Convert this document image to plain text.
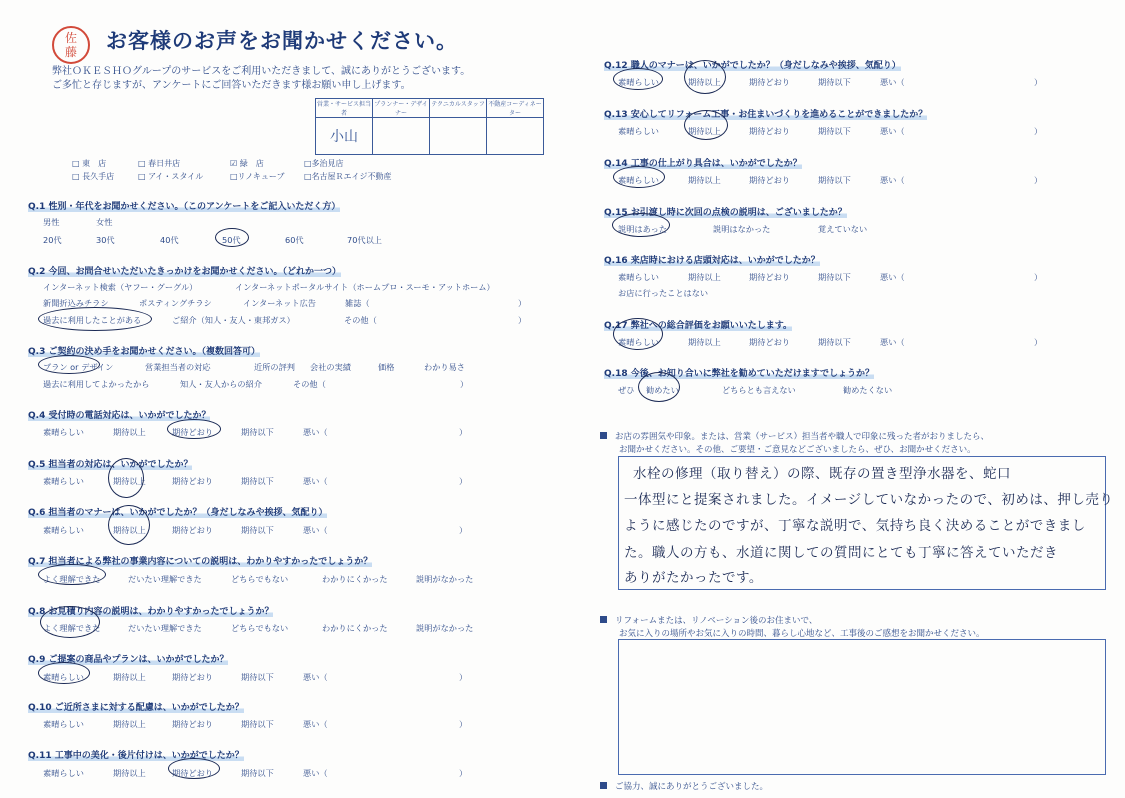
佐藤 お客様のお声をお聞かせください。
弊社ＯＫＥＳＨＯグループのサービスをご利用いただきまして、誠にありがとうございます。
ご多忙と存じますが、アンケートにご回答いただきます様お願い申し上げます。
営業・サービス担当者	プランナー・デザイナー	テクニカルスタッフ	不動産コーディネーター
小山			
□ 東　店	□ 春日井店	☑ 緑　店	□多治見店
□ 長久手店	□ アイ・スタイル	□リノキューブ □名古屋Ｒエイジ不動産
Q.1 性別・年代をお聞かせください。（このアンケートをご記入いただく方）
男性	女性
20代	30代	40代	50代	60代	70代以上
Q.2 今回、お問合せいただいたきっかけをお聞かせください。（どれか一つ）
インターネット検索（ヤフー・グーグル）	インターネットポータルサイト（ホームプロ・スーモ・アットホーム）
新聞折込みチラシ	ポスティングチラシ	インターネット広告	雑誌（	）
過去に利用したことがある	ご紹介（知人・友人・東邦ガス）	その他（	）
Q.3 ご契約の決め手をお聞かせください。（複数回答可）
プラン or デザイン	営業担当者の対応	近所の評判 会社の実績	価格	わかり易さ
過去に利用してよかったから	知人・友人からの紹介	その他（	）
Q.4 受付時の電話対応は、いかがでしたか？
素晴らしい	期待以上	期待どおり	期待以下	悪い（	）
Q.5 担当者の対応は、いかがでしたか？
素晴らしい	期待以上	期待どおり	期待以下	悪い（	）
Q.6 担当者のマナーは、いかがでしたか？（身だしなみや挨拶、気配り）
素晴らしい	期待以上	期待どおり	期待以下	悪い（	）
Q.7 担当者による弊社の事業内容についての説明は、わかりやすかったでしょうか？
よく理解できた	だいたい理解できた	どちらでもない	わかりにくかった	説明がなかった
Q.8 お見積り内容の説明は、わかりやすかったでしょうか？
よく理解できた	だいたい理解できた	どちらでもない	わかりにくかった	説明がなかった
Q.9 ご提案の商品やプランは、いかがでしたか？
素晴らしい	期待以上	期待どおり	期待以下	悪い（	）
Q.10 ご近所さまに対する配慮は、いかがでしたか？
素晴らしい	期待以上	期待どおり	期待以下	悪い（	）
Q.11 工事中の美化・後片付けは、いかがでしたか？
素晴らしい	期待以上	期待どおり	期待以下	悪い（	）
Q.12 職人のマナーは、いかがでしたか？（身だしなみや挨拶、気配り）
素晴らしい	期待以上	期待どおり	期待以下	悪い（	）
Q.13 安心してリフォーム工事・お住まいづくりを進めることができましたか？
素晴らしい	期待以上	期待どおり	期待以下	悪い（	）
Q.14 工事の仕上がり具合は、いかがでしたか？
素晴らしい	期待以上	期待どおり	期待以下	悪い（	）
Q.15 お引渡し時に次回の点検の説明は、ございましたか？
説明はあった	説明はなかった	覚えていない
Q.16 来店時における店頭対応は、いかがでしたか？
素晴らしい	期待以上	期待どおり	期待以下	悪い（	）
お店に行ったことはない
Q.17 弊社への総合評価をお願いいたします。
素晴らしい	期待以上	期待どおり	期待以下	悪い（	）
Q.18 今後、お知り合いに弊社を勧めていただけますでしょうか？
ぜひ 勧めたい	どちらとも言えない	勧めたくない
お店の雰囲気や印象。または、営業（サービス）担当者や職人で印象に残った者がおりましたら、
お聞かせください。その他、ご要望・ご意見などございましたら、ぜひ、お聞かせください。
水栓の修理（取り替え）の際、既存の置き型浄水器を、蛇口
一体型にと提案されました。イメージしていなかったので、初めは、押し売り
ように感じたのですが、丁寧な説明で、気持ち良く決めることができまし
た。職人の方も、水道に関しての質問にとても丁寧に答えていただき
ありがたかったです。
リフォームまたは、リノベーション後のお住まいで、
お気に入りの場所やお気に入りの時間、暮らし心地など、工事後のご感想をお聞かせください。
ご協力、誠にありがとうございました。
